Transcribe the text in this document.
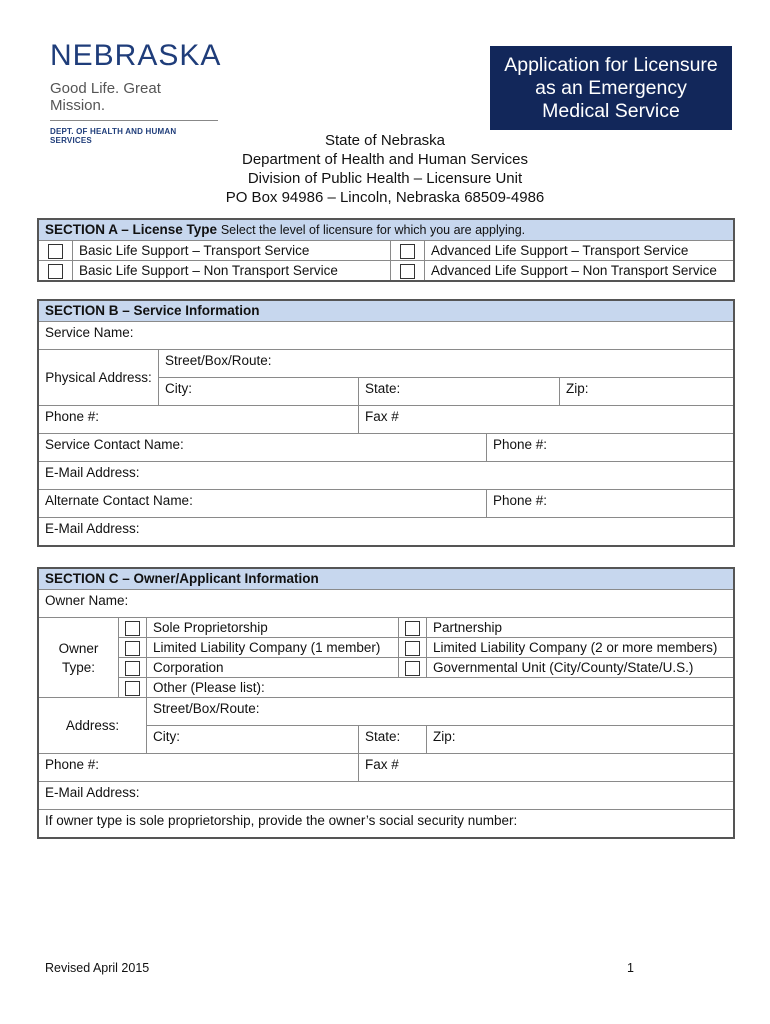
NEBRASKA
Good Life. Great Mission.
DEPT. OF HEALTH AND HUMAN SERVICES
Application for Licensure
as an Emergency
Medical Service
State of Nebraska
Department of Health and Human Services
Division of Public Health – Licensure Unit
PO Box 94986 – Lincoln, Nebraska 68509-4986
SECTION A – License Type Select the level of licensure for which you are applying.			
	Basic Life Support – Transport Service		Advanced Life Support – Transport Service
	Basic Life Support – Non Transport Service		Advanced Life Support – Non Transport Service
SECTION B – Service Information				
Service Name:				
Physical Address:	Street/Box/Route:			
	City:	State:		Zip:
Phone #:		Fax #		
Service Contact Name:			Phone #:	
E-Mail Address:				
Alternate Contact Name:			Phone #:	
E-Mail Address:				
SECTION C – Owner/Applicant Information					
Owner Name:					
Owner Type:		Sole Proprietorship			Partnership
		Limited Liability Company (1 member)			Limited Liability Company (2 or more members)
		Corporation			Governmental Unit (City/County/State/U.S.)
		Other (Please list):			
Address:		Street/Box/Route:			
		City:	State:		Zip:
Phone #:			Fax #		
E-Mail Address:					
If owner type is sole proprietorship, provide the owner’s social security number:					
Revised April 2015	1
